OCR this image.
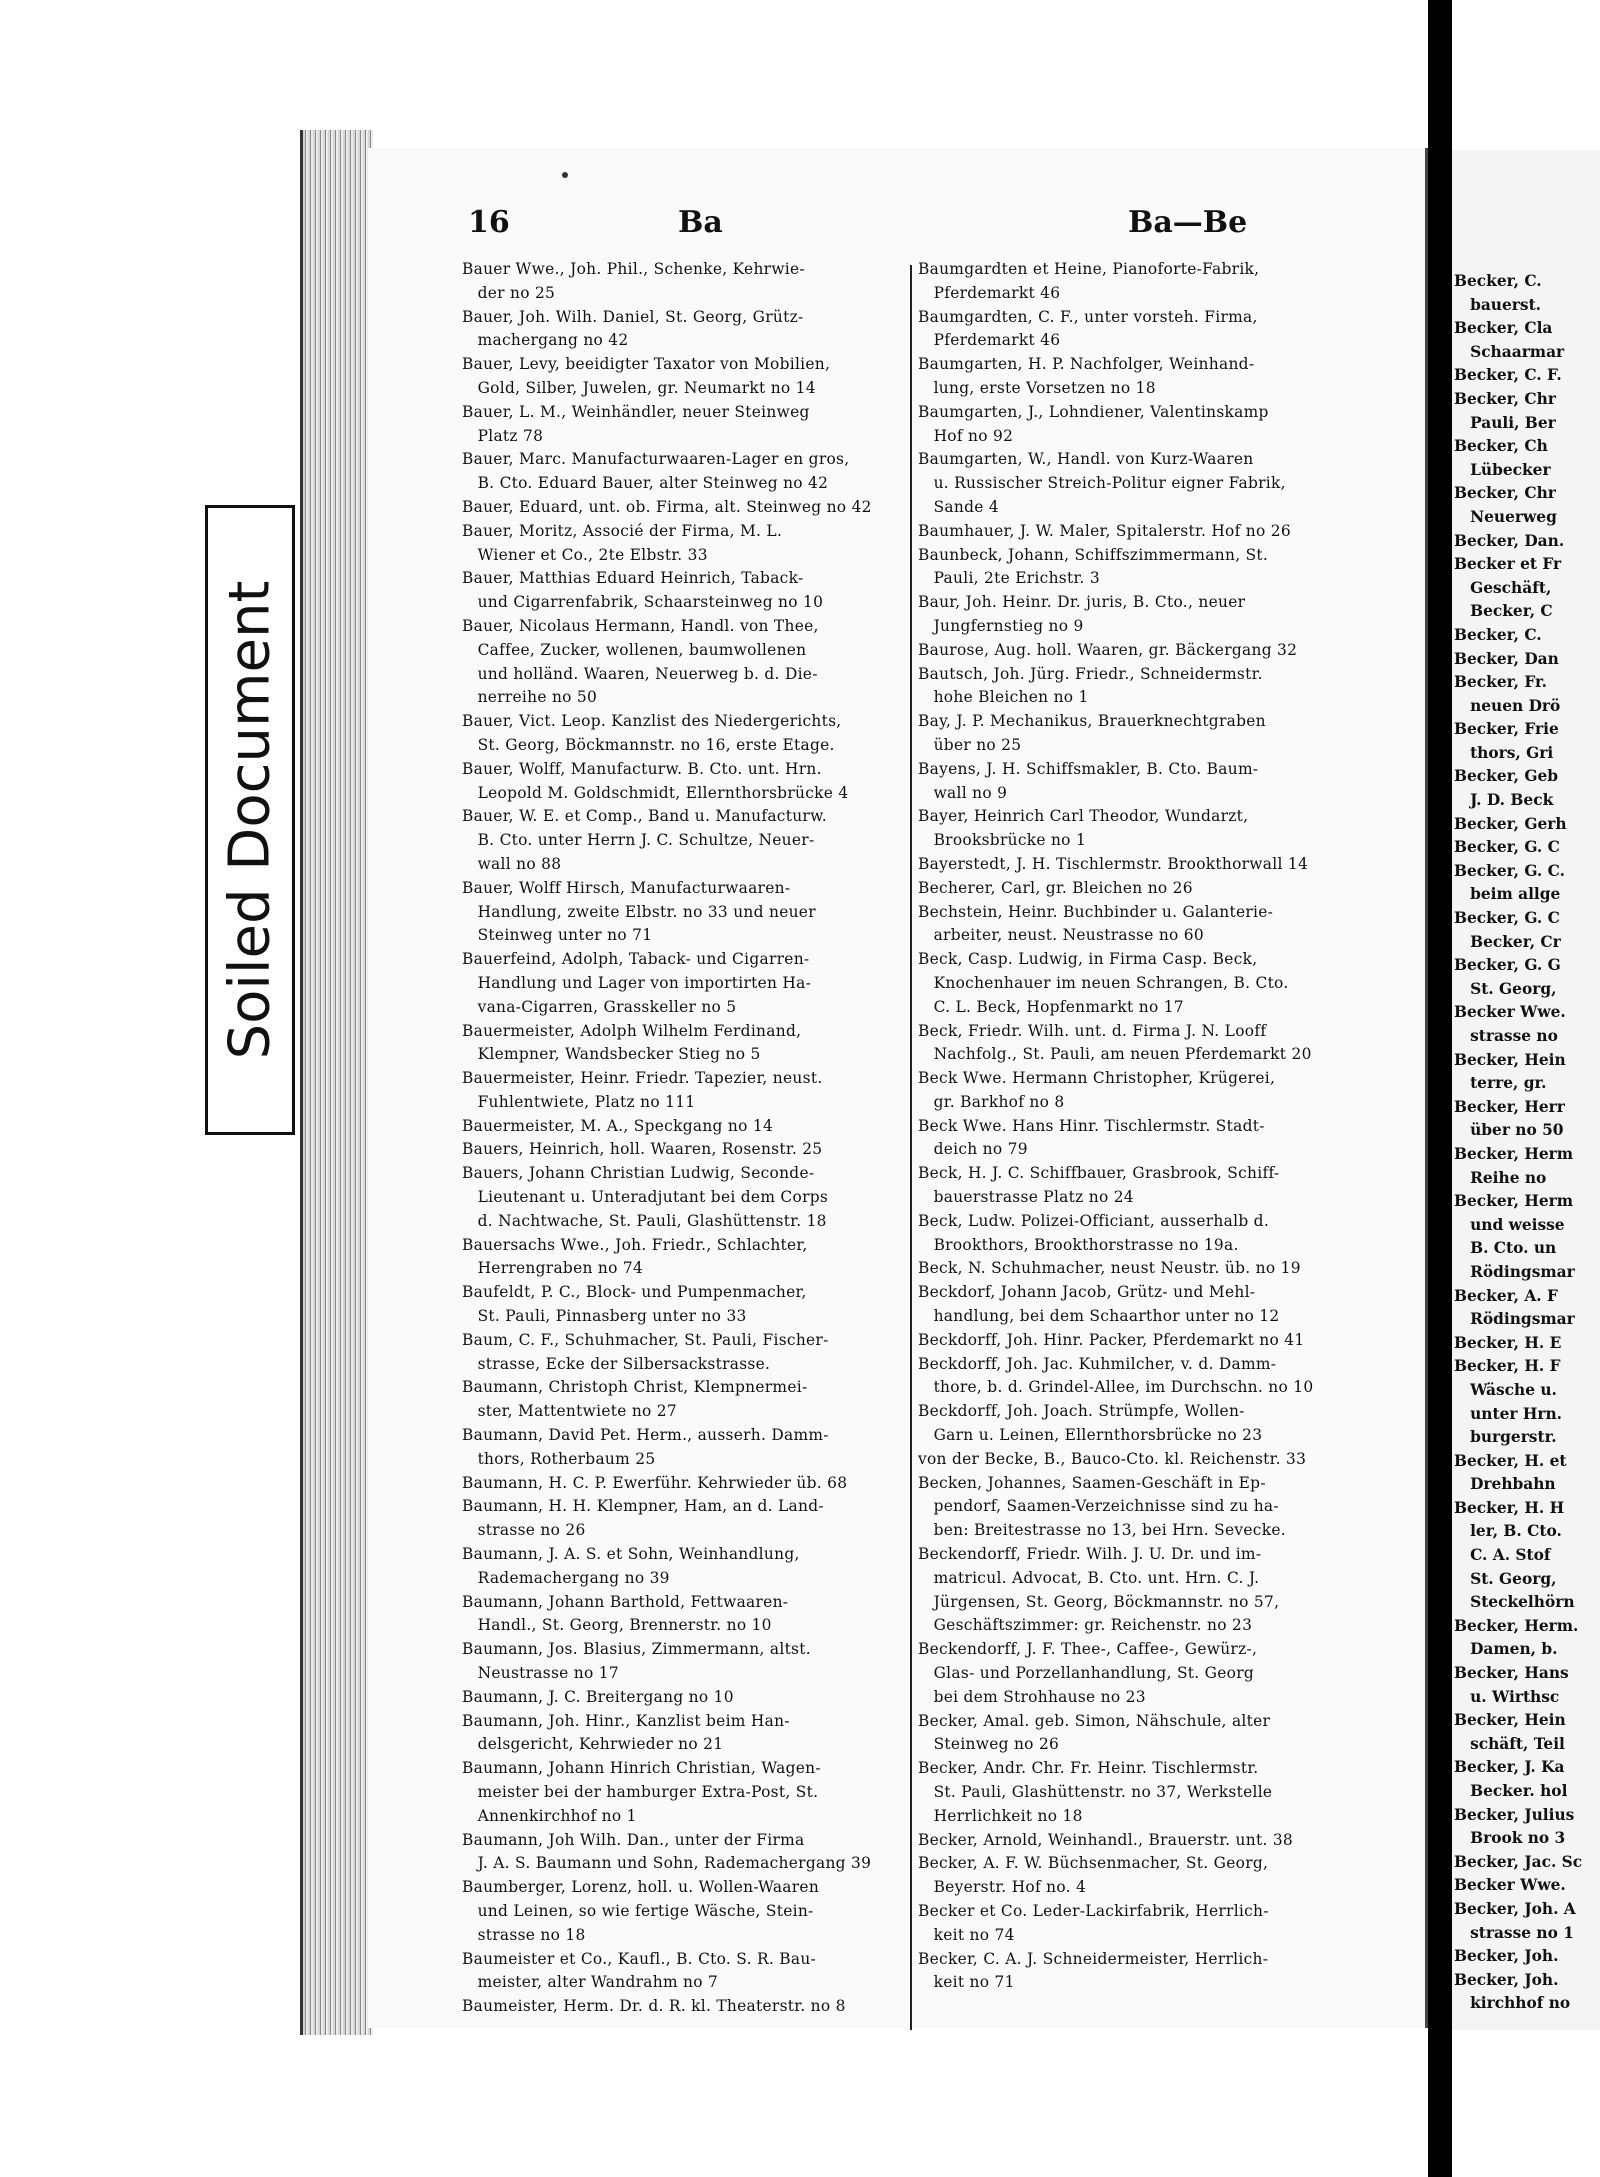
Soiled Document
16	Ba	Ba—Be

Bauer Wwe., Joh. Phil., Schenke, Kehrwie-

der no 25

Bauer, Joh. Wilh. Daniel, St. Georg, Grütz-

machergang no 42

Bauer, Levy, beeidigter Taxator von Mobilien,

Gold, Silber, Juwelen, gr. Neumarkt no 14

Bauer, L. M., Weinhändler, neuer Steinweg

Platz 78

Bauer, Marc. Manufacturwaaren-Lager en gros,

B. Cto. Eduard Bauer, alter Steinweg no 42

Bauer, Eduard, unt. ob. Firma, alt. Steinweg no 42

Bauer, Moritz, Associé der Firma, M. L.

Wiener et Co., 2te Elbstr. 33

Bauer, Matthias Eduard Heinrich, Taback-

und Cigarrenfabrik, Schaarsteinweg no 10

Bauer, Nicolaus Hermann, Handl. von Thee,

Caffee, Zucker, wollenen, baumwollenen

und holländ. Waaren, Neuerweg b. d. Die-

nerreihe no 50

Bauer, Vict. Leop. Kanzlist des Niedergerichts,

St. Georg, Böckmannstr. no 16, erste Etage.

Bauer, Wolff, Manufacturw. B. Cto. unt. Hrn.

Leopold M. Goldschmidt, Ellernthorsbrücke 4

Bauer, W. E. et Comp., Band u. Manufacturw.

B. Cto. unter Herrn J. C. Schultze, Neuer-

wall no 88

Bauer, Wolff Hirsch, Manufacturwaaren-

Handlung, zweite Elbstr. no 33 und neuer

Steinweg unter no 71

Bauerfeind, Adolph, Taback- und Cigarren-

Handlung und Lager von importirten Ha-

vana-Cigarren, Grasskeller no 5

Bauermeister, Adolph Wilhelm Ferdinand,

Klempner, Wandsbecker Stieg no 5

Bauermeister, Heinr. Friedr. Tapezier, neust.

Fuhlentwiete, Platz no 111

Bauermeister, M. A., Speckgang no 14

Bauers, Heinrich, holl. Waaren, Rosenstr. 25

Bauers, Johann Christian Ludwig, Seconde-

Lieutenant u. Unteradjutant bei dem Corps

d. Nachtwache, St. Pauli, Glashüttenstr. 18

Bauersachs Wwe., Joh. Friedr., Schlachter,

Herrengraben no 74

Baufeldt, P. C., Block- und Pumpenmacher,

St. Pauli, Pinnasberg unter no 33

Baum, C. F., Schuhmacher, St. Pauli, Fischer-

strasse, Ecke der Silbersackstrasse.

Baumann, Christoph Christ, Klempnermei-

ster, Mattentwiete no 27

Baumann, David Pet. Herm., ausserh. Damm-

thors, Rotherbaum 25

Baumann, H. C. P. Ewerführ. Kehrwieder üb. 68

Baumann, H. H. Klempner, Ham, an d. Land-

strasse no 26

Baumann, J. A. S. et Sohn, Weinhandlung,

Rademachergang no 39

Baumann, Johann Barthold, Fettwaaren-

Handl., St. Georg, Brennerstr. no 10

Baumann, Jos. Blasius, Zimmermann, altst.

Neustrasse no 17

Baumann, J. C. Breitergang no 10

Baumann, Joh. Hinr., Kanzlist beim Han-

delsgericht, Kehrwieder no 21

Baumann, Johann Hinrich Christian, Wagen-

meister bei der hamburger Extra-Post, St.

Annenkirchhof no 1

Baumann, Joh Wilh. Dan., unter der Firma

J. A. S. Baumann und Sohn, Rademachergang 39

Baumberger, Lorenz, holl. u. Wollen-Waaren

und Leinen, so wie fertige Wäsche, Stein-

strasse no 18

Baumeister et Co., Kaufl., B. Cto. S. R. Bau-

meister, alter Wandrahm no 7

Baumeister, Herm. Dr. d. R. kl. Theaterstr. no 8

Baumgardten et Heine, Pianoforte-Fabrik,

Pferdemarkt 46

Baumgardten, C. F., unter vorsteh. Firma,

Pferdemarkt 46

Baumgarten, H. P. Nachfolger, Weinhand-

lung, erste Vorsetzen no 18

Baumgarten, J., Lohndiener, Valentinskamp

Hof no 92

Baumgarten, W., Handl. von Kurz-Waaren

u. Russischer Streich-Politur eigner Fabrik,

Sande 4

Baumhauer, J. W. Maler, Spitalerstr. Hof no 26

Baunbeck, Johann, Schiffszimmermann, St.

Pauli, 2te Erichstr. 3

Baur, Joh. Heinr. Dr. juris, B. Cto., neuer

Jungfernstieg no 9

Baurose, Aug. holl. Waaren, gr. Bäckergang 32

Bautsch, Joh. Jürg. Friedr., Schneidermstr.

hohe Bleichen no 1

Bay, J. P. Mechanikus, Brauerknechtgraben

über no 25

Bayens, J. H. Schiffsmakler, B. Cto. Baum-

wall no 9

Bayer, Heinrich Carl Theodor, Wundarzt,

Brooksbrücke no 1

Bayerstedt, J. H. Tischlermstr. Brookthorwall 14

Becherer, Carl, gr. Bleichen no 26

Bechstein, Heinr. Buchbinder u. Galanterie-

arbeiter, neust. Neustrasse no 60

Beck, Casp. Ludwig, in Firma Casp. Beck,

Knochenhauer im neuen Schrangen, B. Cto.

C. L. Beck, Hopfenmarkt no 17

Beck, Friedr. Wilh. unt. d. Firma J. N. Looff

Nachfolg., St. Pauli, am neuen Pferdemarkt 20

Beck Wwe. Hermann Christopher, Krügerei,

gr. Barkhof no 8

Beck Wwe. Hans Hinr. Tischlermstr. Stadt-

deich no 79

Beck, H. J. C. Schiffbauer, Grasbrook, Schiff-

bauerstrasse Platz no 24

Beck, Ludw. Polizei-Officiant, ausserhalb d.

Brookthors, Brookthorstrasse no 19a.

Beck, N. Schuhmacher, neust Neustr. üb. no 19

Beckdorf, Johann Jacob, Grütz- und Mehl-

handlung, bei dem Schaarthor unter no 12

Beckdorff, Joh. Hinr. Packer, Pferdemarkt no 41

Beckdorff, Joh. Jac. Kuhmilcher, v. d. Damm-

thore, b. d. Grindel-Allee, im Durchschn. no 10

Beckdorff, Joh. Joach. Strümpfe, Wollen-

Garn u. Leinen, Ellernthorsbrücke no 23

von der Becke, B., Bauco-Cto. kl. Reichenstr. 33

Becken, Johannes, Saamen-Geschäft in Ep-

pendorf, Saamen-Verzeichnisse sind zu ha-

ben: Breitestrasse no 13, bei Hrn. Sevecke.

Beckendorff, Friedr. Wilh. J. U. Dr. und im-

matricul. Advocat, B. Cto. unt. Hrn. C. J.

Jürgensen, St. Georg, Böckmannstr. no 57,

Geschäftszimmer: gr. Reichenstr. no 23

Beckendorff, J. F. Thee-, Caffee-, Gewürz-,

Glas- und Porzellanhandlung, St. Georg

bei dem Strohhause no 23

Becker, Amal. geb. Simon, Nähschule, alter

Steinweg no 26

Becker, Andr. Chr. Fr. Heinr. Tischlermstr.

St. Pauli, Glashüttenstr. no 37, Werkstelle

Herrlichkeit no 18

Becker, Arnold, Weinhandl., Brauerstr. unt. 38

Becker, A. F. W. Büchsenmacher, St. Georg,

Beyerstr. Hof no. 4

Becker et Co. Leder-Lackirfabrik, Herrlich-

keit no 74

Becker, C. A. J. Schneidermeister, Herrlich-

keit no 71

Becker, C.

bauerst.

Becker, Cla

Schaarmar

Becker, C. F.

Becker, Chr

Pauli, Ber

Becker, Ch

Lübecker

Becker, Chr

Neuerweg

Becker, Dan.

Becker et Fr

Geschäft,

Becker, C

Becker, C.

Becker, Dan

Becker, Fr.

neuen Drö

Becker, Frie

thors, Gri

Becker, Geb

J. D. Beck

Becker, Gerh

Becker, G. C

Becker, G. C.

beim allge

Becker, G. C

Becker, Cr

Becker, G. G

St. Georg,

Becker Wwe.

strasse no

Becker, Hein

terre, gr.

Becker, Herr

über no 50

Becker, Herm

Reihe no

Becker, Herm

und weisse

B. Cto. un

Rödingsmar

Becker, A. F

Rödingsmar

Becker, H. E

Becker, H. F

Wäsche u.

unter Hrn.

burgerstr.

Becker, H. et

Drehbahn

Becker, H. H

ler, B. Cto.

C. A. Stof

St. Georg,

Steckelhörn

Becker, Herm.

Damen, b.

Becker, Hans

u. Wirthsc

Becker, Hein

schäft, Teil

Becker, J. Ka

Becker. hol

Becker, Julius

Brook no 3

Becker, Jac. Sc

Becker Wwe.

Becker, Joh. A

strasse no 1

Becker, Joh.

Becker, Joh.

kirchhof no
